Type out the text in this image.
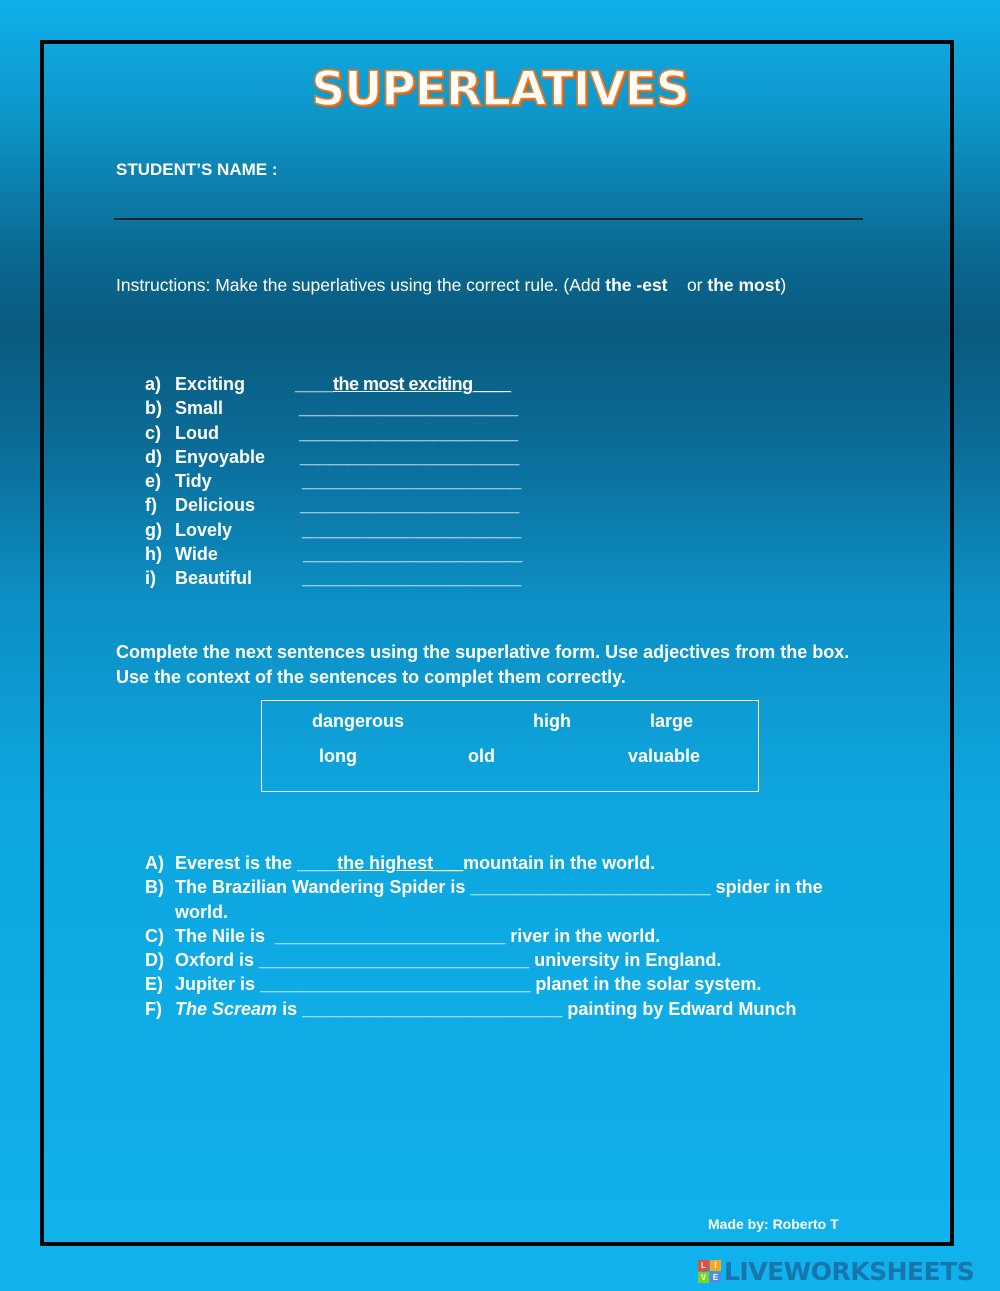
SUPERLATIVES
STUDENT’S NAME :
Instructions: Make the superlatives using the correct rule. (Add the -est    or the most)
a) Exciting	____the most exciting____
b) Small	_______________________
c) Loud	_______________________
d) Enyoyable _______________________
e) Tidy	_______________________
f) Delicious _______________________
g) Lovely	_______________________
h) Wide	_______________________
i) Beautiful	_______________________
Complete the next sentences using the superlative form. Use adjectives from the box. Use the context of the sentences to complet them correctly.
dangerous	high	large
long	old	valuable
A) Everest is the ____the highest___mountain in the world.
B) The Brazilian Wandering Spider is ________________________ spider in the world.
C) The Nile is  _______________________ river in the world.
D) Oxford is ___________________________ university in England.
E) Jupiter is ___________________________ planet in the solar system.
F) The Scream is __________________________ painting by Edward Munch
Made by: Roberto T
L	I
V E LIVEWORKSHEETS
